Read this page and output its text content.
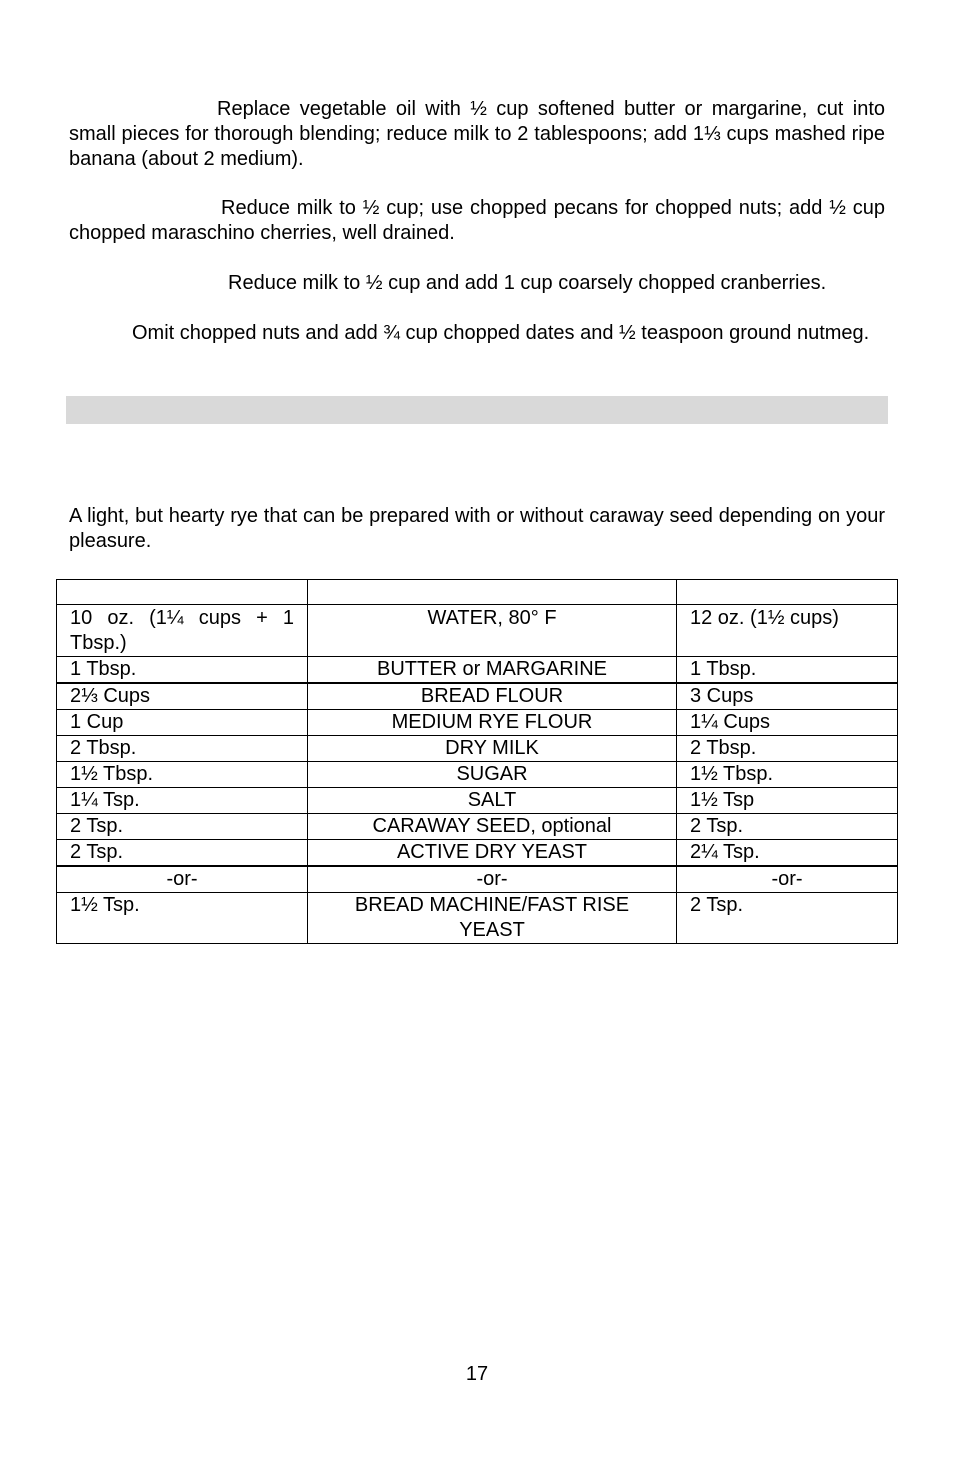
Replace vegetable oil with ½ cup softened butter or margarine, cut into small pieces for thorough blending; reduce milk to 2 tablespoons; add 1⅓ cups mashed ripe banana (about 2 medium).

Reduce milk to ½ cup; use chopped pecans for chopped nuts; add ½ cup chopped maraschino cherries, well drained.

Reduce milk to ½ cup and add 1 cup coarsely chopped cranberries.

Omit chopped nuts and add ¾ cup chopped dates and ½ teaspoon ground nutmeg.

A light, but hearty rye that can be prepared with or without caraway seed depending on your pleasure.

10 oz. (1¼ cups + 1 Tbsp.)	WATER, 80° F	12 oz. (1½ cups)
1 Tbsp.	BUTTER or MARGARINE	1 Tbsp.
2⅓ Cups	BREAD FLOUR	3 Cups
1 Cup	MEDIUM RYE FLOUR	1¼ Cups
2 Tbsp.	DRY MILK	2 Tbsp.
1½ Tbsp.	SUGAR	1½ Tbsp.
1¼ Tsp.	SALT	1½ Tsp
2 Tsp.	CARAWAY SEED, optional	2 Tsp.
2 Tsp.	ACTIVE DRY YEAST	2¼ Tsp.
-or-	-or-	-or-
1½ Tsp.	BREAD MACHINE/FAST RISE YEAST	2 Tsp.
17
